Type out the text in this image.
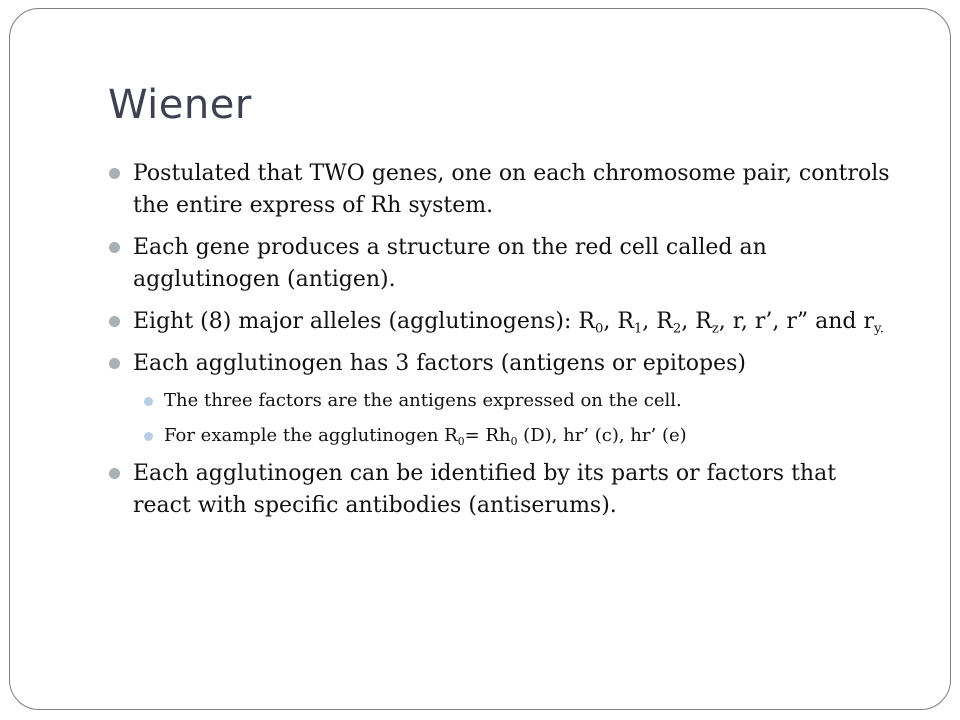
Wiener
Postulated that TWO genes, one on each chromosome pair, controls the entire express of Rh system.
Each gene produces a structure on the red cell called an agglutinogen (antigen).
Eight (8) major alleles (agglutinogens): $R_0$, $R_1$, $R_2$, $R_z$, r, r’, r” and $r_{y.}$
Each agglutinogen has 3 factors (antigens or epitopes)
The three factors are the antigens expressed on the cell.
For example the agglutinogen $R_0= Rh_0$ (D), hr’ (c), hr’ (e)
Each agglutinogen can be identified by its parts or factors that react with specific antibodies (antiserums).
